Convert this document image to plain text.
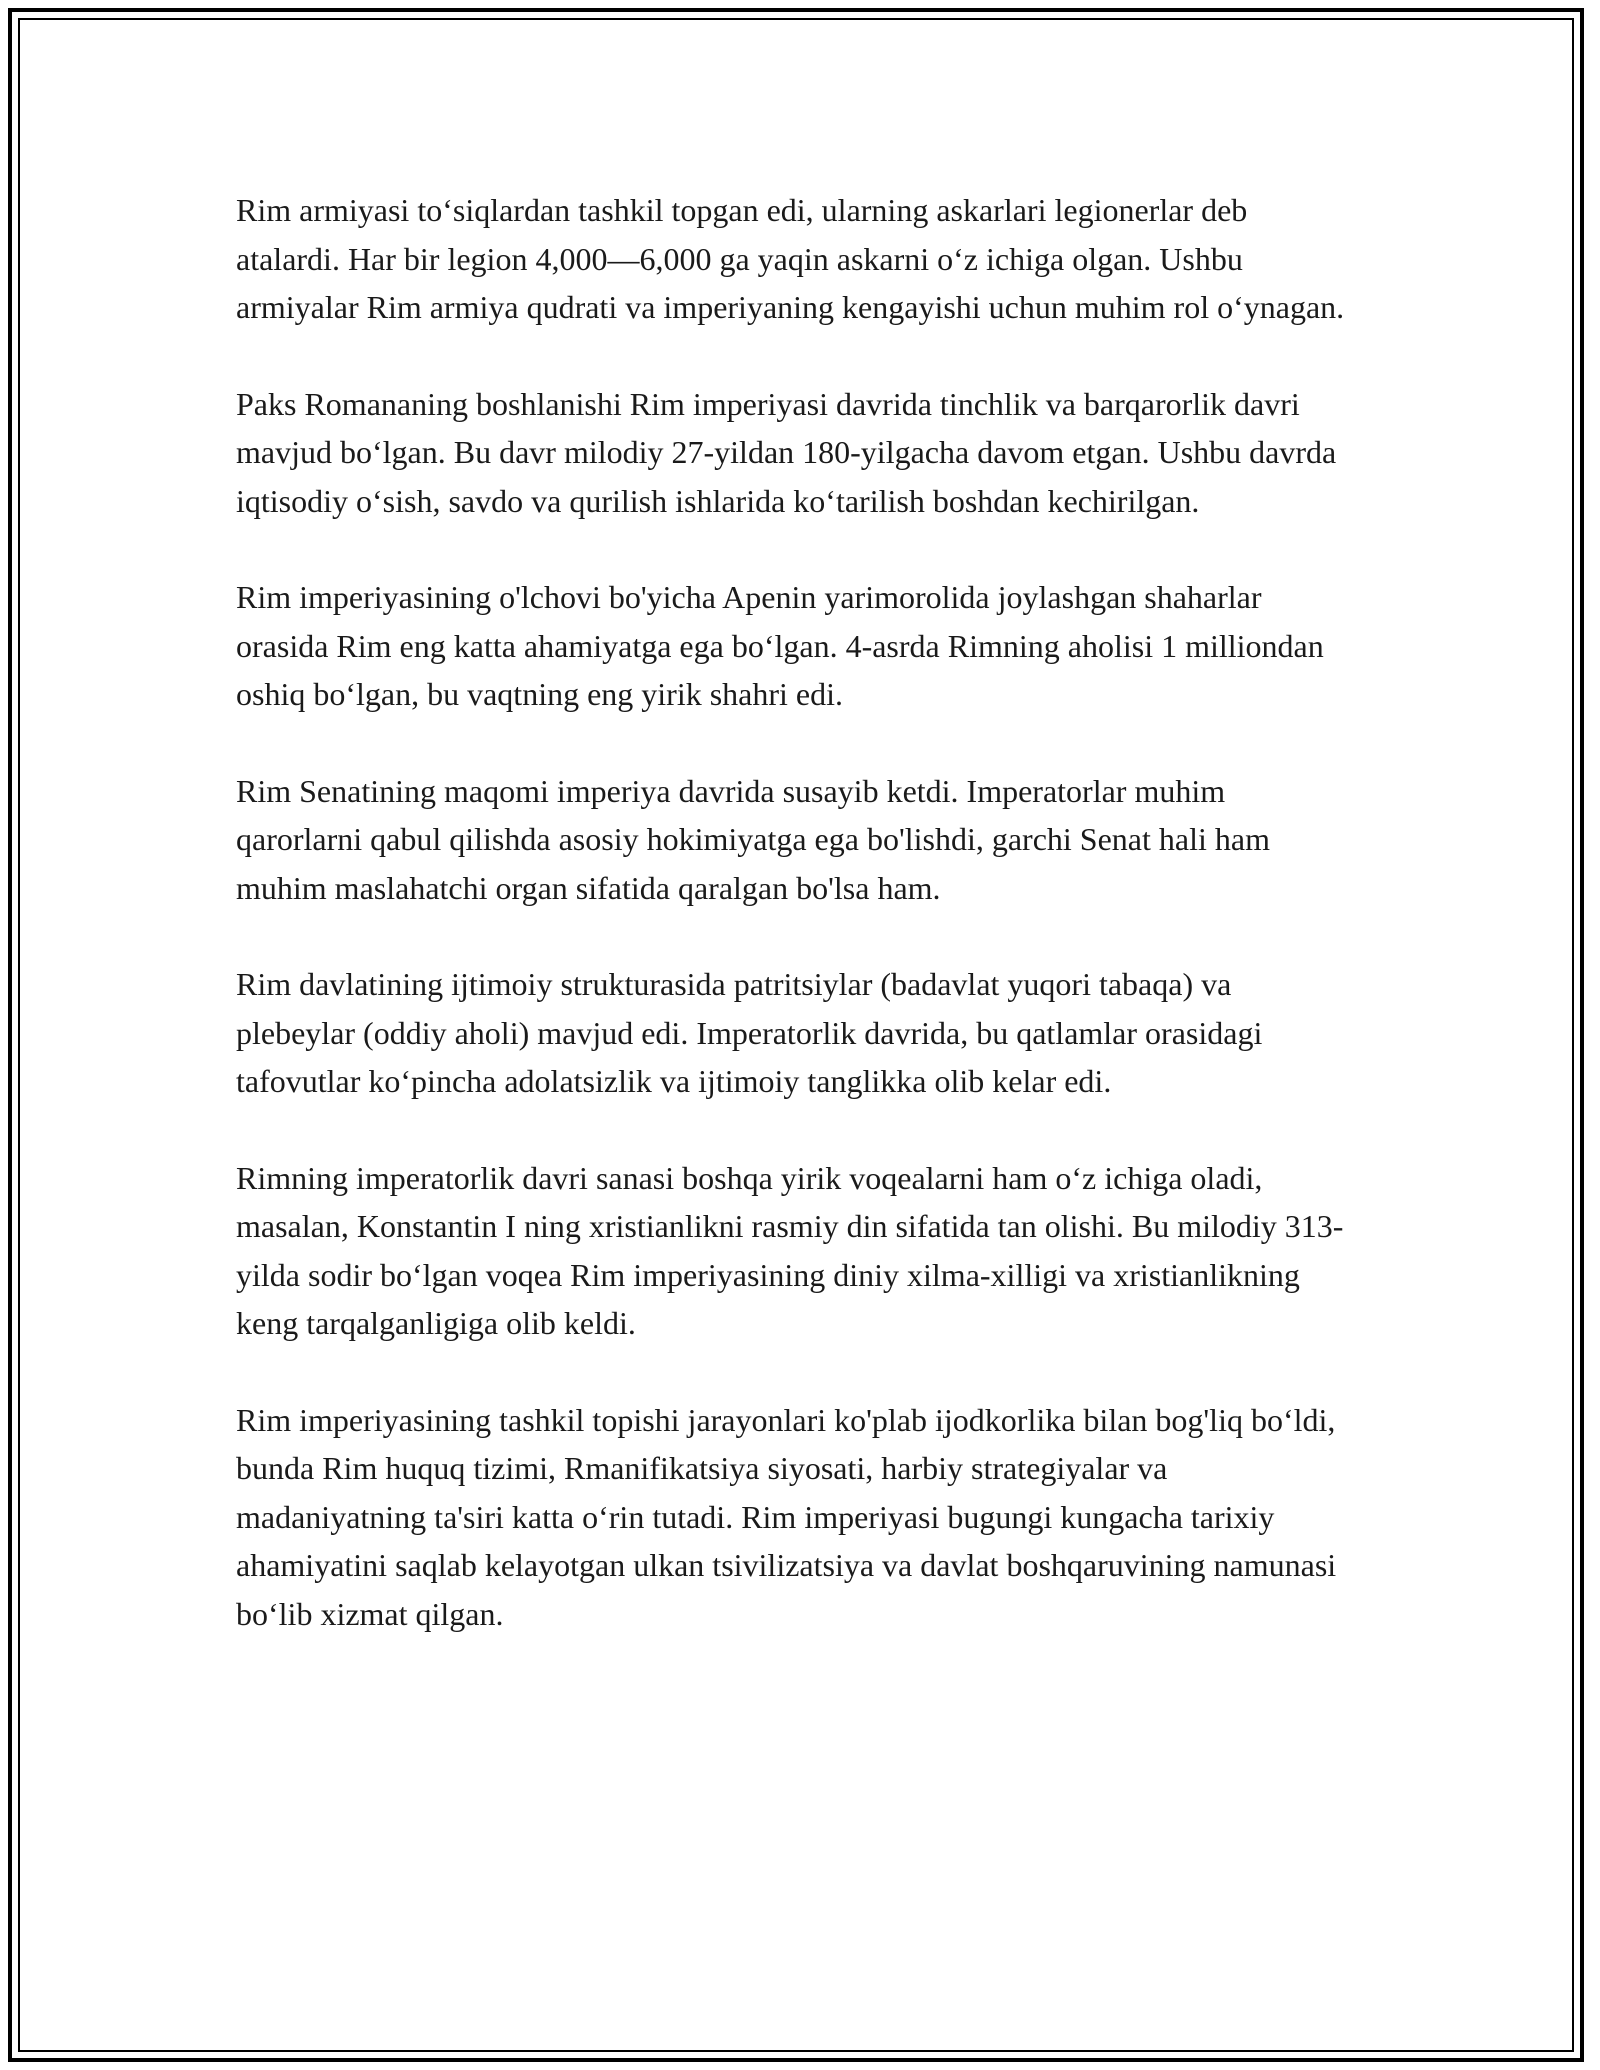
Rim armiyasi to‘siqlardan tashkil topgan edi, ularning askarlari legionerlar deb atalardi. Har bir legion 4,000—6,000 ga yaqin askarni o‘z ichiga olgan. Ushbu armiyalar Rim armiya qudrati va imperiyaning kengayishi uchun muhim rol o‘ynagan.

Paks Romananing boshlanishi Rim imperiyasi davrida tinchlik va barqarorlik davri mavjud bo‘lgan. Bu davr milodiy 27-yildan 180-yilgacha davom etgan. Ushbu davrda iqtisodiy o‘sish, savdo va qurilish ishlarida ko‘tarilish boshdan kechirilgan.

Rim imperiyasining o'lchovi bo'yicha Apenin yarimorolida joylashgan shaharlar orasida Rim eng katta ahamiyatga ega bo‘lgan. 4-asrda Rimning aholisi 1 milliondan oshiq bo‘lgan, bu vaqtning eng yirik shahri edi.

Rim Senatining maqomi imperiya davrida susayib ketdi. Imperatorlar muhim qarorlarni qabul qilishda asosiy hokimiyatga ega bo'lishdi, garchi Senat hali ham muhim maslahatchi organ sifatida qaralgan bo'lsa ham.

Rim davlatining ijtimoiy strukturasida patritsiylar (badavlat yuqori tabaqa) va plebeylar (oddiy aholi) mavjud edi. Imperatorlik davrida, bu qatlamlar orasidagi tafovutlar ko‘pincha adolatsizlik va ijtimoiy tanglikka olib kelar edi.

Rimning imperatorlik davri sanasi boshqa yirik voqealarni ham o‘z ichiga oladi, masalan, Konstantin I ning xristianlikni rasmiy din sifatida tan olishi. Bu milodiy 313-yilda sodir bo‘lgan voqea Rim imperiyasining diniy xilma-xilligi va xristianlikning keng tarqalganligiga olib keldi.

Rim imperiyasining tashkil topishi jarayonlari ko'plab ijodkorlika bilan bog'liq bo‘ldi, bunda Rim huquq tizimi, Rmanifikatsiya siyosati, harbiy strategiyalar va madaniyatning ta'siri katta o‘rin tutadi. Rim imperiyasi bugungi kungacha tarixiy ahamiyatini saqlab kelayotgan ulkan tsivilizatsiya va davlat boshqaruvining namunasi bo‘lib xizmat qilgan.
